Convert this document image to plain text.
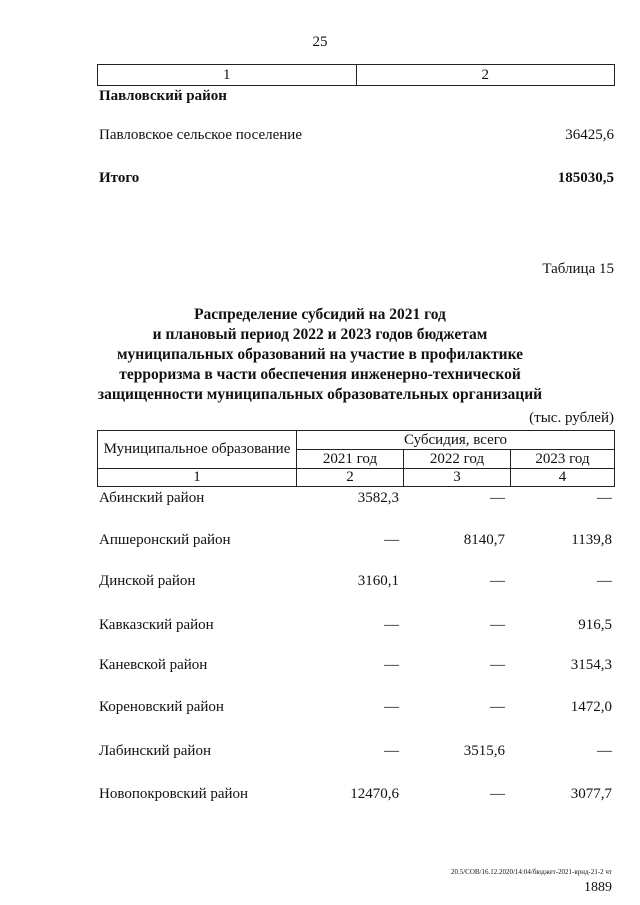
25
1	2
Павловский район
Павловское сельское поселение	36425,6
Итого	185030,5
Таблица 15
Распределение субсидий на 2021 год
и плановый период 2022 и 2023 годов бюджетам
муниципальных образований на участие в профилактике
терроризма в части обеспечения инженерно-технической
защищенности муниципальных образовательных организаций
(тыс. рублей)
Муниципальное образование	Субсидия, всего		
	2021 год	2022 год	2023 год
1	2	3	4
Абинский район	3582,3	—	—
Апшеронский район	—	8140,7	1139,8
Динской район	3160,1	—	—
Кавказский район	—	—	916,5
Каневской район	—	—	3154,3
Кореновский район	—	—	1472,0
Лабинский район	—	3515,6	—
Новопокровский район	12470,6	—	3077,7
20.5/СОВ/16.12.2020/14:04/бюджет-2021-врнд-21-2 чт
1889
